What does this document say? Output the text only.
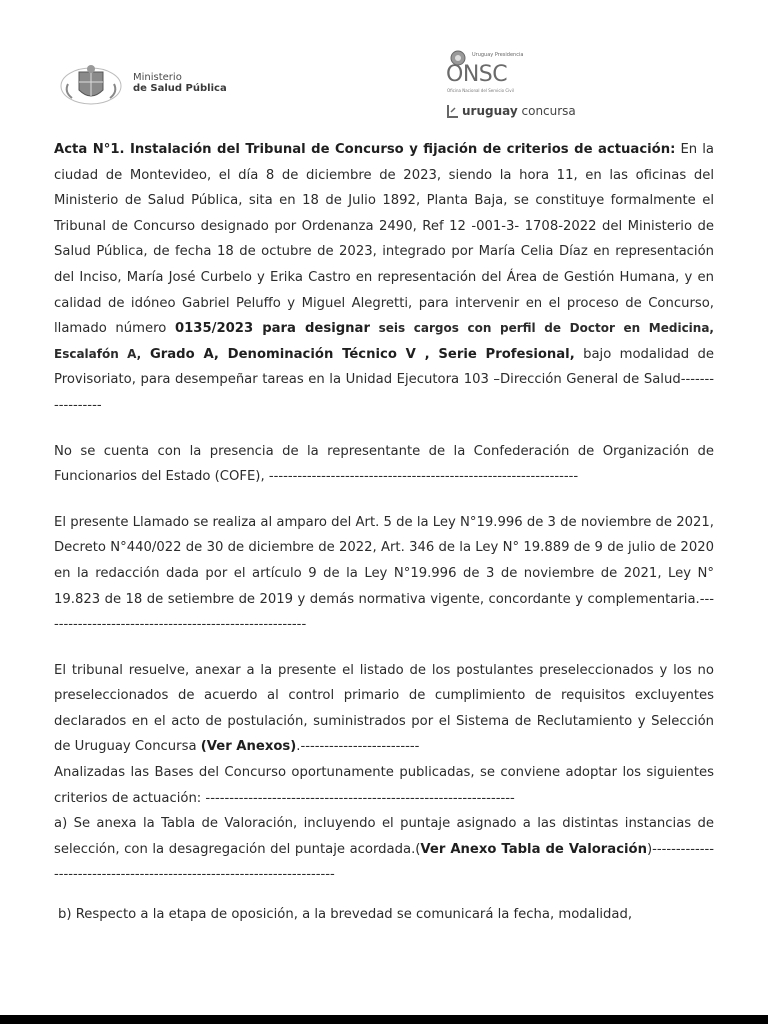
Ministerio
de Salud Pública
Uruguay Presidencia
ONSC
Oficina Nacional del Servicio Civil
uruguay concursa

Acta N°1. Instalación del Tribunal de Concurso y fijación de criterios de actuación: En la ciudad de Montevideo, el día 8 de diciembre de 2023, siendo la hora 11, en las oficinas del Ministerio de Salud Pública, sita en 18 de Julio 1892, Planta Baja, se constituye formalmente el Tribunal de Concurso designado por Ordenanza 2490, Ref 12 -001-3- 1708-2022 del Ministerio de Salud Pública, de fecha 18 de octubre de 2023, integrado por María Celia Díaz en representación del Inciso, María José Curbelo y Erika Castro en representación del Área de Gestión Humana, y en calidad de idóneo Gabriel Peluffo y Miguel Alegretti, para intervenir en el proceso de Concurso, llamado número 0135/2023 para designar seis cargos con perfil de Doctor en Medicina, Escalafón A, Grado A, Denominación Técnico V , Serie Profesional, bajo modalidad de Provisoriato, para desempeñar tareas en la Unidad Ejecutora 103 –Dirección General de Salud-----------------

No se cuenta con la presencia de la representante de la Confederación de Organización de Funcionarios del Estado (COFE), -----------------------------------------------------------------

El presente Llamado se realiza al amparo del Art. 5 de la Ley N°19.996 de 3 de noviembre de 2021, Decreto N°440/022 de 30 de diciembre de 2022, Art. 346 de la Ley N° 19.889 de 9 de julio de 2020 en la redacción dada por el artículo 9 de la Ley N°19.996 de 3 de noviembre de 2021, Ley N° 19.823 de 18 de setiembre de 2019 y demás normativa vigente, concordante y complementaria.--------------------------------------------------------

El tribunal resuelve, anexar a la presente el listado de los postulantes preseleccionados y los no preseleccionados de acuerdo al control primario de cumplimiento de requisitos excluyentes declarados en el acto de postulación, suministrados por el Sistema de Reclutamiento y Selección de Uruguay Concursa (Ver Anexos).-------------------------

Analizadas las Bases del Concurso oportunamente publicadas, se conviene adoptar los siguientes criterios de actuación: -----------------------------------------------------------------

a) Se anexa la Tabla de Valoración, incluyendo el puntaje asignado a las distintas instancias de selección, con la desagregación del puntaje acordada.(Ver Anexo Tabla de Valoración)------------------------------------------------------------------------

b) Respecto a la etapa de oposición, a la brevedad se comunicará la fecha, modalidad,
